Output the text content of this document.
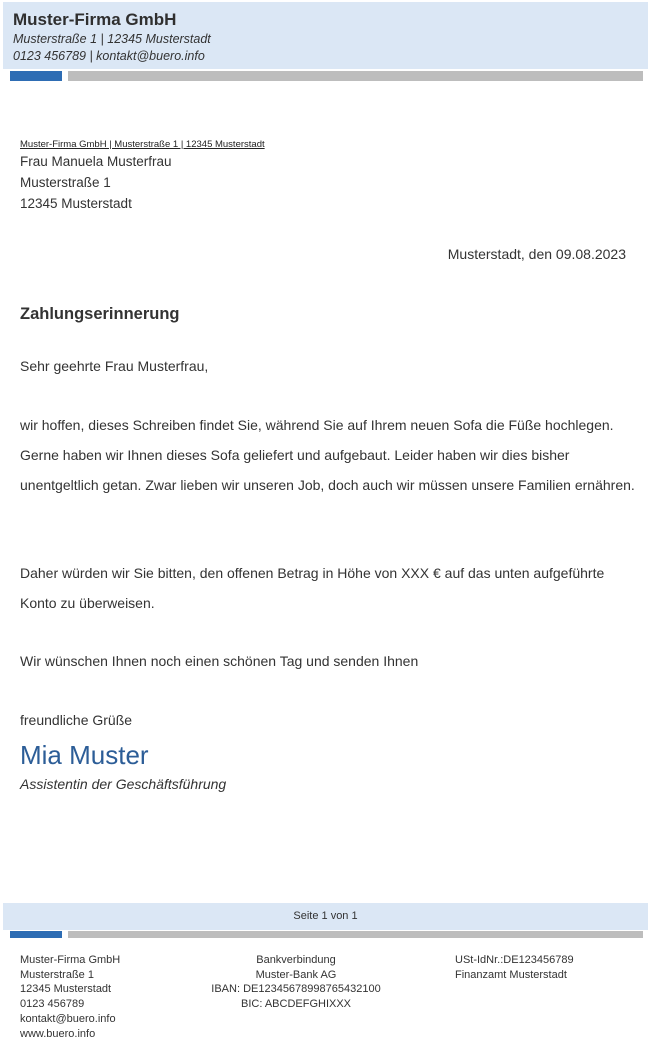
Muster-Firma GmbH
Musterstraße 1 | 12345 Musterstadt
0123 456789 | kontakt@buero.info
Muster-Firma GmbH | Musterstraße 1 | 12345 Musterstadt
Frau Manuela Musterfrau
Musterstraße 1
12345 Musterstadt
Musterstadt, den 09.08.2023
Zahlungserinnerung
Sehr geehrte Frau Musterfrau,
wir hoffen, dieses Schreiben findet Sie, während Sie auf Ihrem neuen Sofa die Füße hochlegen. Gerne haben wir Ihnen dieses Sofa geliefert und aufgebaut. Leider haben wir dies bisher unentgeltlich getan. Zwar lieben wir unseren Job, doch auch wir müssen unsere Familien ernähren.
Daher würden wir Sie bitten, den offenen Betrag in Höhe von XXX € auf das unten aufgeführte Konto zu überweisen.
Wir wünschen Ihnen noch einen schönen Tag und senden Ihnen
freundliche Grüße
Mia Muster
Assistentin der Geschäftsführung
Seite 1 von 1
Muster-Firma GmbH
Musterstraße 1
12345 Musterstadt
0123 456789
kontakt@buero.info
www.buero.info
Bankverbindung
Muster-Bank AG
IBAN: DE12345678998765432100
BIC: ABCDEFGHIXXX
USt-IdNr.:DE123456789
Finanzamt Musterstadt
